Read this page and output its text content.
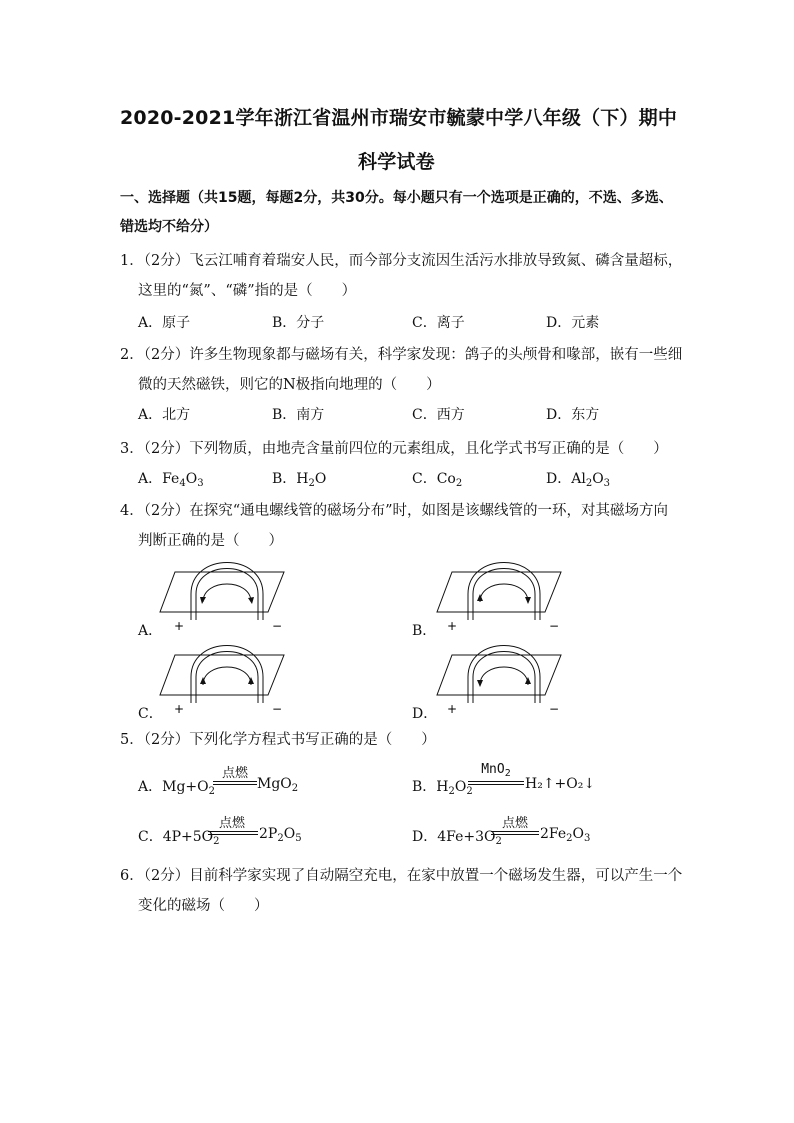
2020-2021学年浙江省温州市瑞安市毓蒙中学八年级（下）期中
科学试卷
一、选择题（共15题，每题2分，共30分。每小题只有一个选项是正确的，不选、多选、
错选均不给分）
1．（2分）飞云江哺育着瑞安人民，而今部分支流因生活污水排放导致氮、磷含量超标，
这里的“氮”、“磷”指的是（　　）
A．原子	B．分子	C．离子	D．元素
2．（2分）许多生物现象都与磁场有关，科学家发现：鸽子的头颅骨和喙部，嵌有一些细
微的天然磁铁，则它的N极指向地理的（　　）
A．北方	B．南方	C．西方	D．东方
3．（2分）下列物质，由地壳含量前四位的元素组成，且化学式书写正确的是（　　）
A．$Fe_4O_3$	B．$H_2O$	C．$Co_2$	D．$Al_2O_3$
4．（2分）在探究“通电螺线管的磁场分布”时，如图是该螺线管的一环，对其磁场方向
判断正确的是（　　）
A．	B．
C．	D．
+	−	+	−
+	−	+	−
5．（2分）下列化学方程式书写正确的是（　　）
A．$Mg+O_2$
点燃
MgO$_2$	B．$H_2O_2$
MnO$_2$
H₂↑+O₂↓
C．$4P+5O_2$
点燃
$2P_2O_5$	D．$4Fe+3O_2$
点燃
$2Fe_2O_3$
6．（2分）目前科学家实现了自动隔空充电，在家中放置一个磁场发生器，可以产生一个
变化的磁场（　　）
